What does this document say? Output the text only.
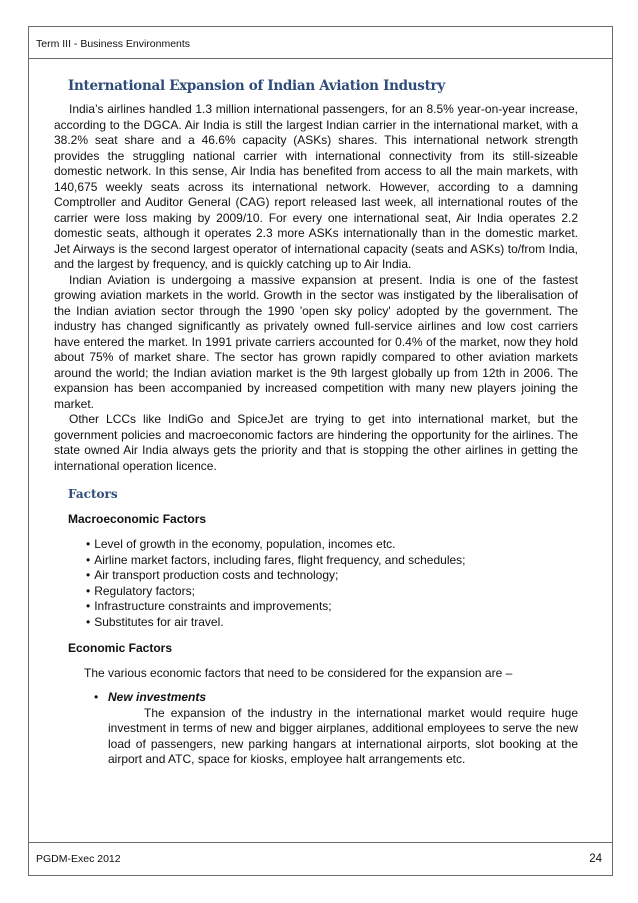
Term III - Business Environments
International Expansion of Indian Aviation Industry

India’s airlines handled 1.3 million international passengers, for an 8.5% year-on-year increase, according to the DGCA. Air India is still the largest Indian carrier in the international market, with a 38.2% seat share and a 46.6% capacity (ASKs) shares. This international network strength provides the struggling national carrier with international connectivity from its still-sizeable domestic network. In this sense, Air India has benefited from access to all the main markets, with 140,675 weekly seats across its international network. However, according to a damning Comptroller and Auditor General (CAG) report released last week, all international routes of the carrier were loss making by 2009/10. For every one international seat, Air India operates 2.2 domestic seats, although it operates 2.3 more ASKs internationally than in the domestic market. Jet Airways is the second largest operator of international capacity (seats and ASKs) to/from India, and the largest by frequency, and is quickly catching up to Air India.

Indian Aviation is undergoing a massive expansion at present. India is one of the fastest growing aviation markets in the world. Growth in the sector was instigated by the liberalisation of the Indian aviation sector through the 1990 'open sky policy' adopted by the government. The industry has changed significantly as privately owned full-service airlines and low cost carriers have entered the market. In 1991 private carriers accounted for 0.4% of the market, now they hold about 75% of market share. The sector has grown rapidly compared to other aviation markets around the world; the Indian aviation market is the 9th largest globally up from 12th in 2006. The expansion has been accompanied by increased competition with many new players joining the market.

Other LCCs like IndiGo and SpiceJet are trying to get into international market, but the government policies and macroeconomic factors are hindering the opportunity for the airlines. The state owned Air India always gets the priority and that is stopping the other airlines in getting the international operation licence.

Factors
Macroeconomic Factors
• Level of growth in the economy, population, incomes etc.
• Airline market factors, including fares, flight frequency, and schedules;
• Air transport production costs and technology;
• Regulatory factors;
• Infrastructure constraints and improvements;
• Substitutes for air travel.
Economic Factors
The various economic factors that need to be considered for the expansion are –
• New investments

The expansion of the industry in the international market would require huge investment in terms of new and bigger airplanes, additional employees to serve the new load of passengers, new parking hangars at international airports, slot booking at the airport and ATC, space for kiosks, employee halt arrangements etc.

PGDM-Exec 2012	24
